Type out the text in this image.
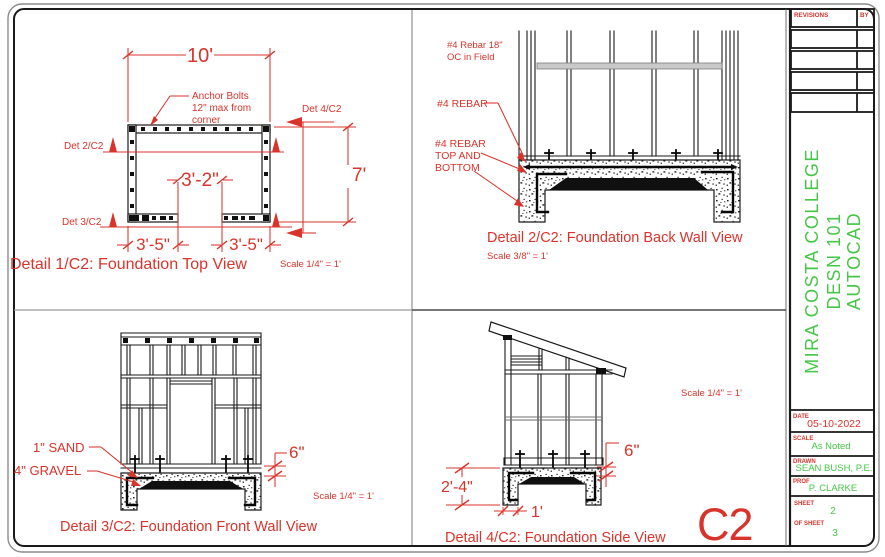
10'
Anchor Bolts
12" max from
corner
Det 4/C2
Det 2/C2
Det 3/C2
7'
3'-2"
3'-5"	3'-5"
Detail 1/C2: Foundation Top View	Scale 1/4" = 1'
#4 Rebar 18"
OC in Field
#4 REBAR
#4 REBAR
TOP AND
BOTTOM
Detail 2/C2: Foundation Back Wall View
Scale 3/8" = 1'
1" SAND
4" GRAVEL
6"
Scale 1/4" = 1'
Detail 3/C2: Foundation Front Wall View
6"
2'-4"
1'
Scale 1/4" = 1'
Detail 4/C2: Foundation Side View C2
REVISIONS	BY
MIRA COSTA COLLEGE DESN 101 AUTOCAD
DATE
05-10-2022
SCALE
As Noted
DRAWN
SEAN BUSH, P.E.
PROF
P. CLARKE
SHEET
2
OF SHEET
3
